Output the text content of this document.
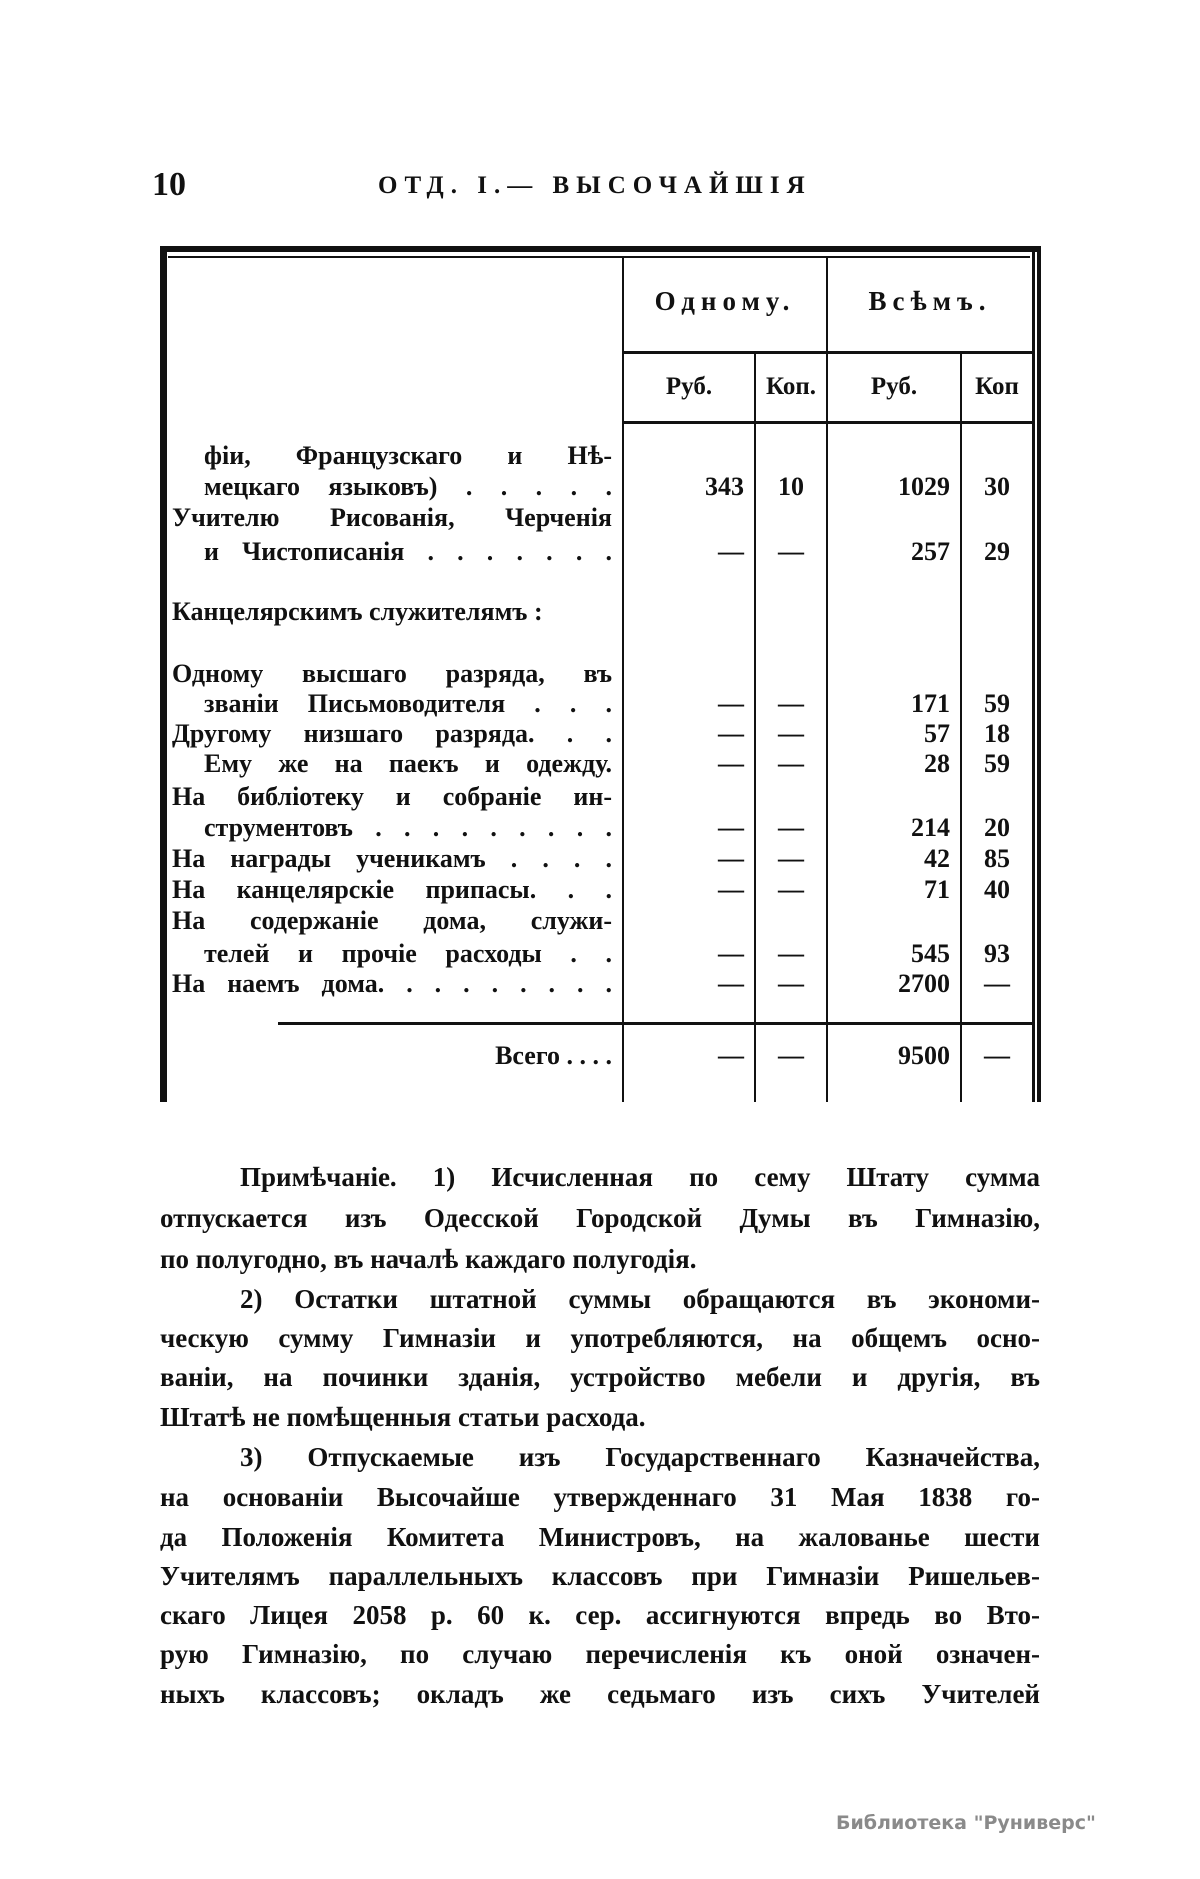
10	ОТД. I.— ВЫСОЧАЙШІЯ
Одному.	Всѣмъ.
Руб.	Коп.	Руб.	Коп
фіи, Французскаго и Нѣ-
мецкаго языковъ) . . . . .	343	10	1029	30
Учителю Рисованія, Черченія
и Чистописанія . . . . . . .	—	—	257	29
Канцелярскимъ служителямъ :
Одному высшаго разряда, въ
званіи Письмоводителя . . .	—	—	171	59
Другому низшаго разряда. . .	—	—	57	18
Ему же на паекъ и одежду.	—	—	28	59
На библіотеку и собраніе ин-
струментовъ . . . . . . . . .	—	—	214	20
На награды ученикамъ . . . .	—	—	42	85
На канцелярскіе припасы. . .	—	—	71	40
На содержаніе дома, служи-
телей и прочіе расходы . .	—	—	545	93
На наемъ дома. . . . . . . . .	—	—	2700	—
Всего . . . .	—	—	9500	—
Примѣчаніе. 1) Исчисленная по сему Штату сумма
отпускается изъ Одесской Городской Думы въ Гимназію,
по полугодно, въ началѣ каждаго полугодія.
2) Остатки штатной суммы обращаются въ экономи-
ческую сумму Гимназіи и употребляются, на общемъ осно-
ваніи, на починки зданія, устройство мебели и другія, въ
Штатѣ не помѣщенныя статьи расхода.
3) Отпускаемые изъ Государственнаго Казначейства,
на основаніи Высочайше утвержденнаго 31 Мая 1838 го-
да Положенія Комитета Министровъ, на жалованье шести
Учителямъ параллельныхъ классовъ при Гимназіи Ришельев-
скаго Лицея 2058 р. 60 к. сер. ассигнуются впредь во Вто-
рую Гимназію, по случаю перечисленія къ оной означен-
ныхъ классовъ; окладъ же седьмаго изъ сихъ Учителей
Библиотека "Руниверс"
